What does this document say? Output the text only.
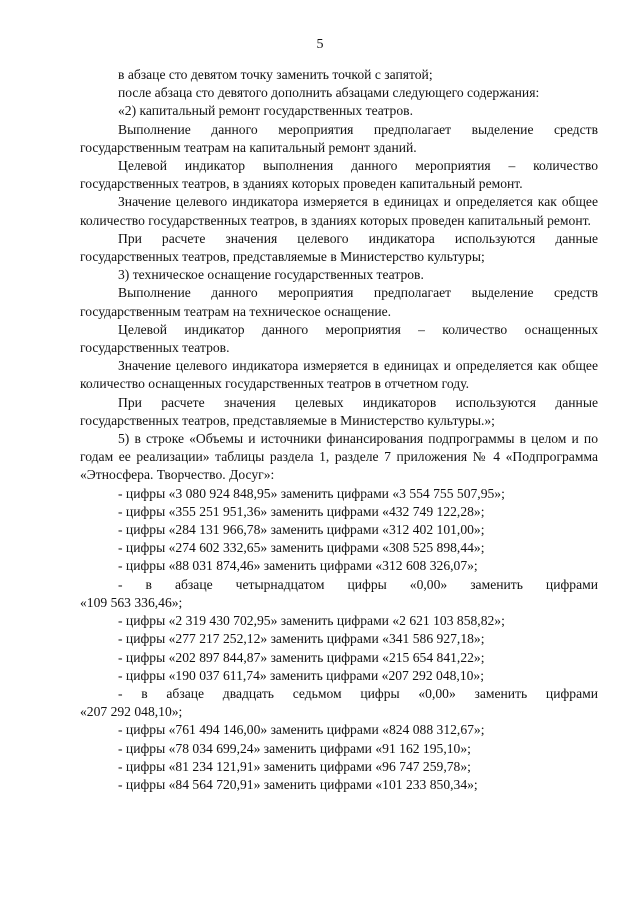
5

в абзаце сто девятом точку заменить точкой с запятой;

после абзаца сто девятого дополнить абзацами следующего содержания:

«2) капитальный ремонт государственных театров.

Выполнение данного мероприятия предполагает выделение средств государственным театрам на капитальный ремонт зданий.

Целевой индикатор выполнения данного мероприятия – количество государственных театров, в зданиях которых проведен капитальный ремонт.

Значение целевого индикатора измеряется в единицах и определяется как общее количество государственных театров, в зданиях которых проведен капитальный ремонт.

При расчете значения целевого индикатора используются данные государственных театров, представляемые в Министерство культуры;

3) техническое оснащение государственных театров.

Выполнение данного мероприятия предполагает выделение средств государственным театрам на техническое оснащение.

Целевой индикатор данного мероприятия – количество оснащенных государственных театров.

Значение целевого индикатора измеряется в единицах и определяется как общее количество оснащенных государственных театров в отчетном году.

При расчете значения целевых индикаторов используются данные государственных театров, представляемые в Министерство культуры.»;

5) в строке «Объемы и источники финансирования подпрограммы в целом и по годам ее реализации» таблицы раздела 1, разделе 7 приложения № 4 «Подпрограмма «Этносфера. Творчество. Досуг»:

- цифры «3 080 924 848,95» заменить цифрами «3 554 755 507,95»;

- цифры «355 251 951,36» заменить цифрами «432 749 122,28»;

- цифры «284 131 966,78» заменить цифрами «312 402 101,00»;

- цифры «274 602 332,65» заменить цифрами «308 525 898,44»;

- цифры «88 031 874,46» заменить цифрами «312 608 326,07»;

- в абзаце четырнадцатом цифры «0,00» заменить цифрами
«109 563 336,46»;

- цифры «2 319 430 702,95» заменить цифрами «2 621 103 858,82»;

- цифры «277 217 252,12» заменить цифрами «341 586 927,18»;

- цифры «202 897 844,87» заменить цифрами «215 654 841,22»;

- цифры «190 037 611,74» заменить цифрами «207 292 048,10»;

- в абзаце двадцать седьмом цифры «0,00» заменить цифрами
«207 292 048,10»;

- цифры «761 494 146,00» заменить цифрами «824 088 312,67»;

- цифры «78 034 699,24» заменить цифрами «91 162 195,10»;

- цифры «81 234 121,91» заменить цифрами «96 747 259,78»;

- цифры «84 564 720,91» заменить цифрами «101 233 850,34»;
